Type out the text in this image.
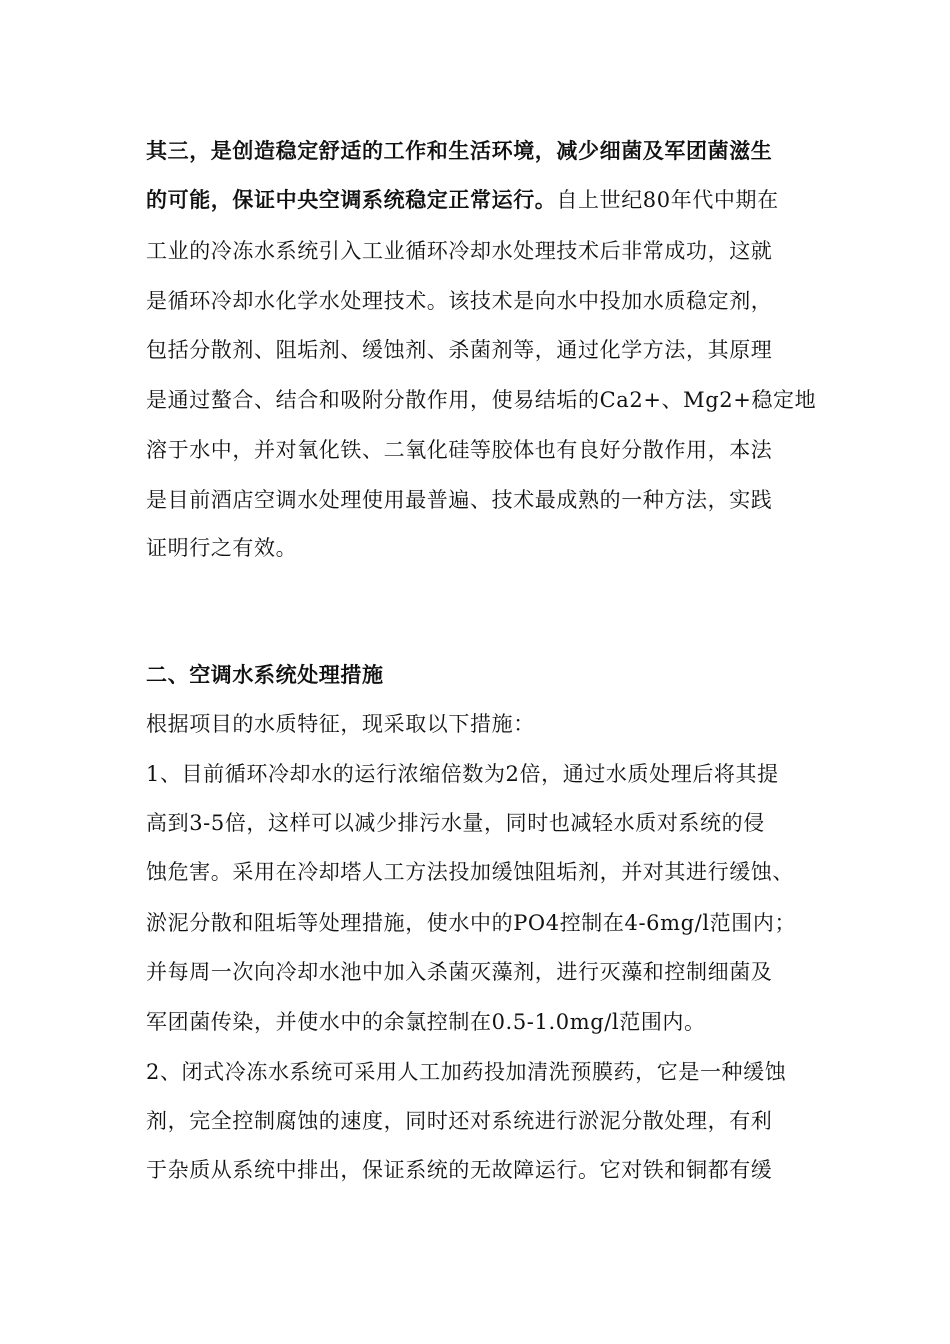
其三，是创造稳定舒适的工作和生活环境，减少细菌及军团菌滋生
的可能，保证中央空调系统稳定正常运行。自上世纪80年代中期在
工业的冷冻水系统引入工业循环冷却水处理技术后非常成功，这就
是循环冷却水化学水处理技术。该技术是向水中投加水质稳定剂，
包括分散剂、阻垢剂、缓蚀剂、杀菌剂等，通过化学方法，其原理
是通过螯合、结合和吸附分散作用，使易结垢的Ca2+、Mg2+稳定地
溶于水中，并对氧化铁、二氧化硅等胶体也有良好分散作用，本法
是目前酒店空调水处理使用最普遍、技术最成熟的一种方法，实践
证明行之有效。
二、空调水系统处理措施
根据项目的水质特征，现采取以下措施：
1、目前循环冷却水的运行浓缩倍数为2倍，通过水质处理后将其提
高到3-5倍，这样可以减少排污水量，同时也减轻水质对系统的侵
蚀危害。采用在冷却塔人工方法投加缓蚀阻垢剂，并对其进行缓蚀、
淤泥分散和阻垢等处理措施，使水中的PO4控制在4-6mg/l范围内；
并每周一次向冷却水池中加入杀菌灭藻剂，进行灭藻和控制细菌及
军团菌传染，并使水中的余氯控制在0.5-1.0mg/l范围内。
2、闭式冷冻水系统可采用人工加药投加清洗预膜药，它是一种缓蚀
剂，完全控制腐蚀的速度，同时还对系统进行淤泥分散处理，有利
于杂质从系统中排出，保证系统的无故障运行。它对铁和铜都有缓
